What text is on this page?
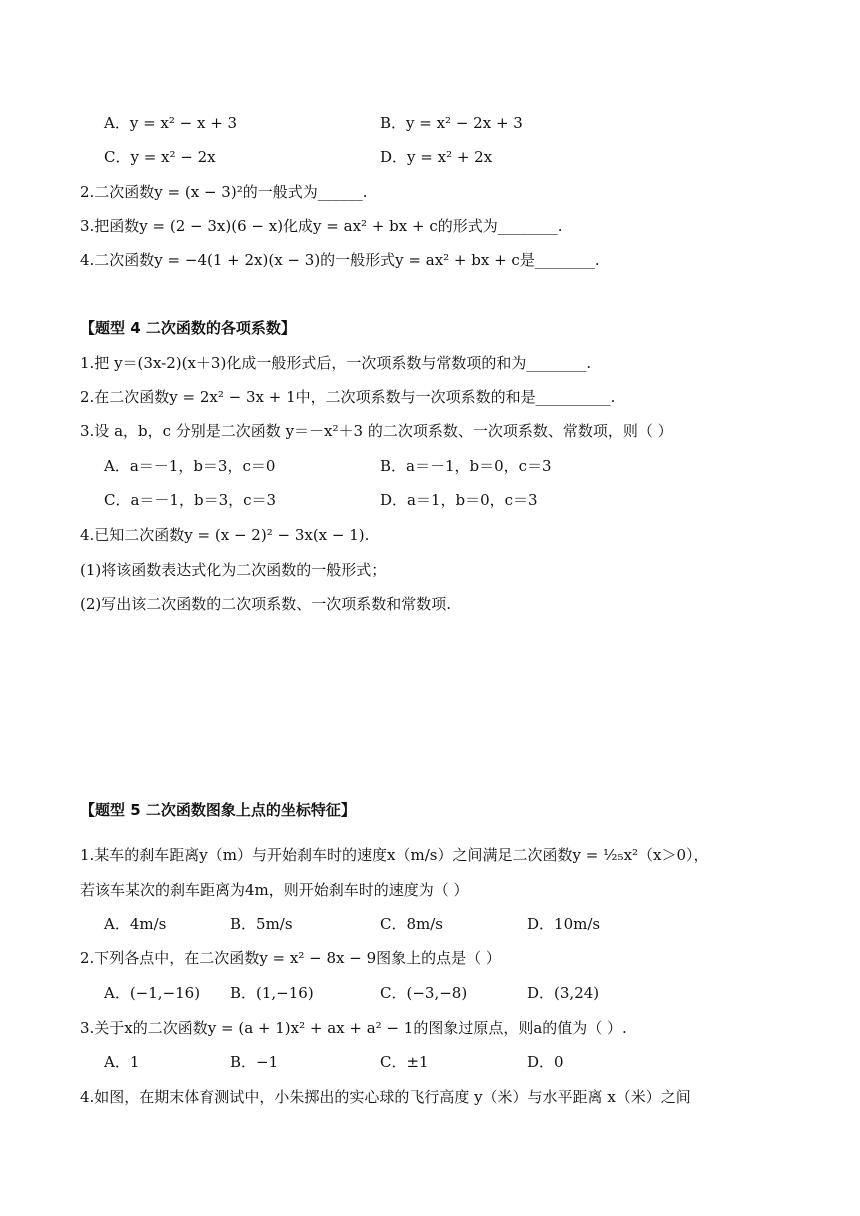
A．y = x² − x + 3	B．y = x² − 2x + 3
C．y = x² − 2x	D．y = x² + 2x
2.二次函数y = (x − 3)²的一般式为______.
3.把函数y = (2 − 3x)(6 − x)化成y = ax² + bx + c的形式为________.
4.二次函数y = −4(1 + 2x)(x − 3)的一般形式y = ax² + bx + c是________.
【题型 4 二次函数的各项系数】
1.把 y＝(3x-2)(x＋3)化成一般形式后，一次项系数与常数项的和为________.
2.在二次函数y = 2x² − 3x + 1中，二次项系数与一次项系数的和是__________.
3.设 a，b，c 分别是二次函数 y＝－x²＋3 的二次项系数、一次项系数、常数项，则（ ）
A．a＝－1，b＝3，c＝0	B．a＝－1，b＝0，c＝3
C．a＝－1，b＝3，c＝3	D．a＝1，b＝0，c＝3
4.已知二次函数y = (x − 2)² − 3x(x − 1).
(1)将该函数表达式化为二次函数的一般形式；
(2)写出该二次函数的二次项系数、一次项系数和常数项.
【题型 5 二次函数图象上点的坐标特征】
1.某车的刹车距离y（m）与开始刹车时的速度x（m/s）之间满足二次函数y = ¹⁄₂₅x²（x＞0），
若该车某次的刹车距离为4m，则开始刹车时的速度为（ ）
A．4m/s	B．5m/s	C．8m/s	D．10m/s
2.下列各点中，在二次函数y = x² − 8x − 9图象上的点是（ ）
A．(−1,−16) B．(1,−16)	C．(−3,−8)	D．(3,24)
3.关于x的二次函数y = (a + 1)x² + ax + a² − 1的图象过原点，则a的值为（ ）.
A．1	B．−1	C．±1	D．0
4.如图，在期末体育测试中，小朱掷出的实心球的飞行高度 y（米）与水平距离 x（米）之间
